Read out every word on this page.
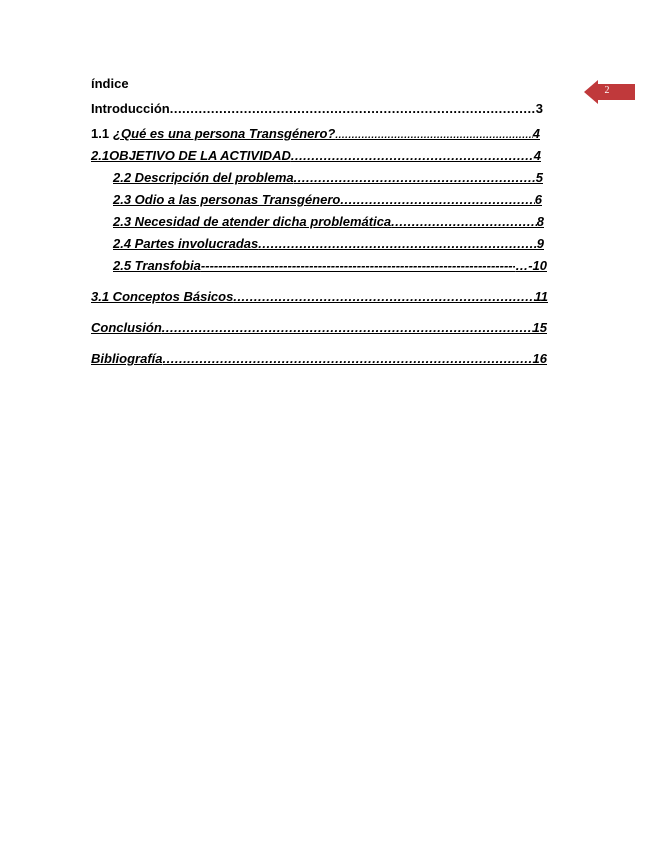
2
índice
Introducción .....	3
1.1 ¿Qué es una persona Transgénero? .....	4
2.1OBJETIVO DE LA ACTIVIDAD .....	4
2.2 Descripción del problema .....	5
2.3 Odio a las personas Transgénero .....	6
2.3 Necesidad de atender dicha problemática .....	8
2.4 Partes involucradas .....	9
2.5 Transfobia -----	…-10
3.1 Conceptos Básicos .....	11
Conclusión .....	15
Bibliografía .....	16
